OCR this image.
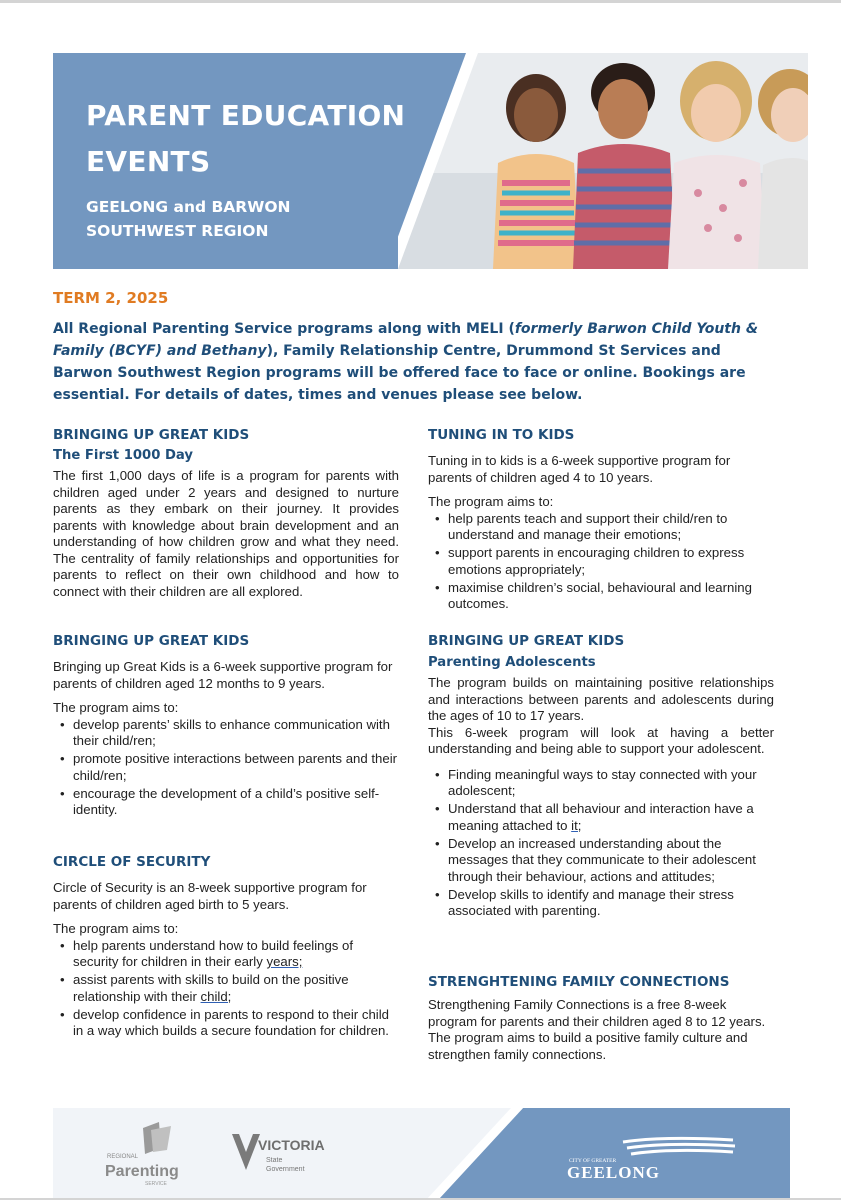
PARENT EDUCATION
EVENTS
GEELONG and BARWON
SOUTHWEST REGION
TERM 2, 2025
All Regional Parenting Service programs along with MELI (formerly Barwon Child Youth & Family (BCYF) and Bethany), Family Relationship Centre, Drummond St Services and Barwon Southwest Region programs will be offered face to face or online. Bookings are essential. For details of dates, times and venues please see below.
BRINGING UP GREAT KIDS
The First 1000 Day

The first 1,000 days of life is a program for parents with children aged under 2 years and designed to nurture parents as they embark on their journey. It provides parents with knowledge about brain development and an understanding of how children grow and what they need. The centrality of family relationships and opportunities for parents to reflect on their own childhood and how to connect with their children are all explored.

BRINGING UP GREAT KIDS

Bringing up Great Kids is a 6-week supportive program for parents of children aged 12 months to 9 years.

The program aims to:

• develop parents’ skills to enhance communication with their child/ren;
• promote positive interactions between parents and their child/ren;
• encourage the development of a child’s positive self-identity.
CIRCLE OF SECURITY

Circle of Security is an 8-week supportive program for parents of children aged birth to 5 years.

The program aims to:

• help parents understand how to build feelings of security for children in their early years;
• assist parents with skills to build on the positive relationship with their child;
• develop confidence in parents to respond to their child in a way which builds a secure foundation for children.
TUNING IN TO KIDS

Tuning in to kids is a 6-week supportive program for parents of children aged 4 to 10 years.

The program aims to:

• help parents teach and support their child/ren to understand and manage their emotions;
• support parents in encouraging children to express emotions appropriately;
• maximise children’s social, behavioural and learning outcomes.
BRINGING UP GREAT KIDS
Parenting Adolescents

The program builds on maintaining positive relationships and interactions between parents and adolescents during the ages of 10 to 17 years.

This 6-week program will look at having a better understanding and being able to support your adolescent.

• Finding meaningful ways to stay connected with your adolescent;
• Understand that all behaviour and interaction have a meaning attached to it;
• Develop an increased understanding about the messages that they communicate to their adolescent through their behaviour, actions and attitudes;
• Develop skills to identify and manage their stress associated with parenting.
STRENGHTENING FAMILY CONNECTIONS

Strengthening Family Connections is a free 8-week program for parents and their children aged 8 to 12 years. The program aims to build a positive family culture and strengthen family connections.

REGIONAL
Parenting
SERVICE
VICTORIA
State
Government
CITY OF GREATER
GEELONG
